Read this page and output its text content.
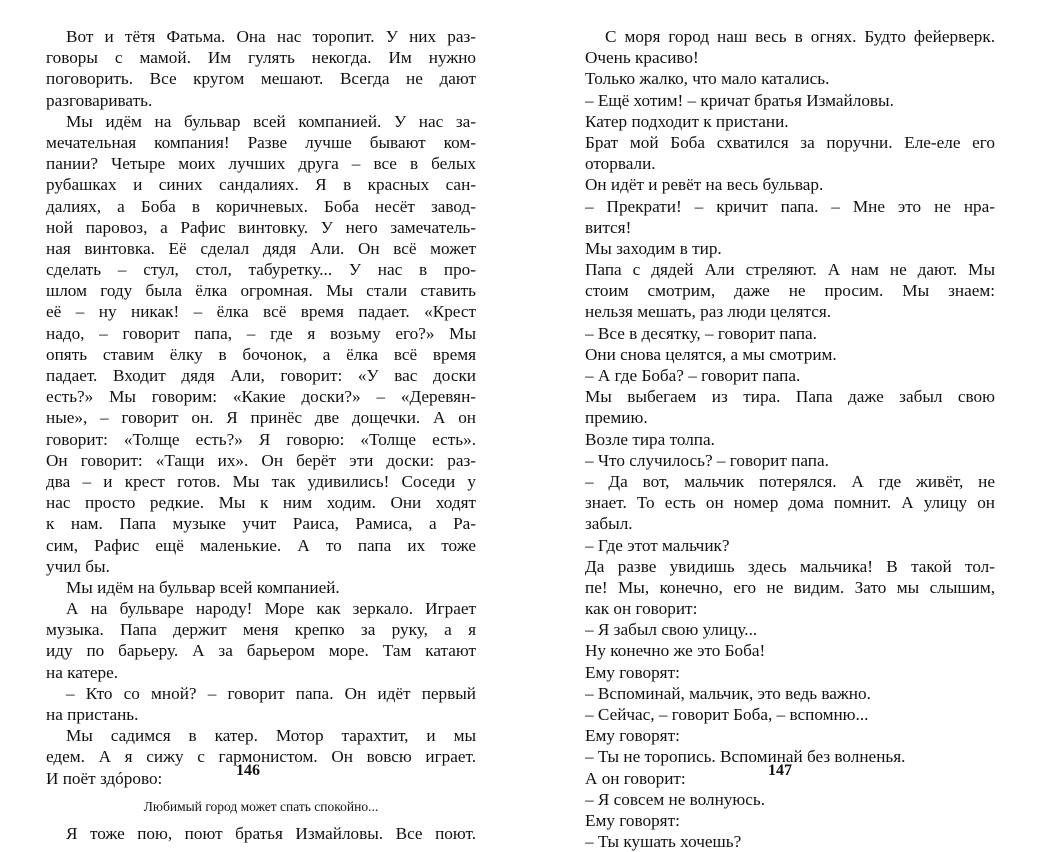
Вот и тётя Фатьма. Она нас торопит. У них раз-
говоры с мамой. Им гулять некогда. Им нужно
поговорить. Все кругом мешают. Всегда не дают
разговаривать.
Мы идём на бульвар всей компанией. У нас за-
мечательная компания! Разве лучше бывают ком-
пании? Четыре моих лучших друга – все в белых
рубашках и синих сандалиях. Я в красных сан-
далиях, а Боба в коричневых. Боба несёт завод-
ной паровоз, а Рафис винтовку. У него замечатель-
ная винтовка. Её сделал дядя Али. Он всё может
сделать – стул, стол, табуретку... У нас в про-
шлом году была ёлка огромная. Мы стали ставить
её – ну никак! – ёлка всё время падает. «Крест
надо, – говорит папа, – где я возьму его?» Мы
опять ставим ёлку в бочонок, а ёлка всё время
падает. Входит дядя Али, говорит: «У вас доски
есть?» Мы говорим: «Какие доски?» – «Деревян-
ные», – говорит он. Я принёс две дощечки. А он
говорит: «Толще есть?» Я говорю: «Толще есть».
Он говорит: «Тащи их». Он берёт эти доски: раз-
два – и крест готов. Мы так удивились! Соседи у
нас просто редкие. Мы к ним ходим. Они ходят
к нам. Папа музыке учит Раиса, Рамиса, а Ра-
сим, Рафис ещё маленькие. А то папа их тоже
учил бы.
Мы идём на бульвар всей компанией.
А на бульваре народу! Море как зеркало. Играет
музыка. Папа держит меня крепко за руку, а я
иду по барьеру. А за барьером море. Там катают
на катере.
– Кто со мной? – говорит папа. Он идёт первый
на пристань.
Мы садимся в катер. Мотор тарахтит, и мы
едем. А я сижу с гармонистом. Он вовсю играет.
И поёт здóрово:
Любимый город может спать спокойно...
Я тоже пою, поют братья Измайловы. Все поют.
С моря город наш весь в огнях. Будто фейерверк.
Очень красиво!
Только жалко, что мало катались.
– Ещё хотим! – кричат братья Измайловы.
Катер подходит к пристани.
Брат мой Боба схватился за поручни. Еле-еле его
оторвали.
Он идёт и ревёт на весь бульвар.
– Прекрати! – кричит папа. – Мне это не нра-
вится!
Мы заходим в тир.
Папа с дядей Али стреляют. А нам не дают. Мы
стоим смотрим, даже не просим. Мы знаем:
нельзя мешать, раз люди целятся.
– Все в десятку, – говорит папа.
Они снова целятся, а мы смотрим.
– А где Боба? – говорит папа.
Мы выбегаем из тира. Папа даже забыл свою
премию.
Возле тира толпа.
– Что случилось? – говорит папа.
– Да вот, мальчик потерялся. А где живёт, не
знает. То есть он номер дома помнит. А улицу он
забыл.
– Где этот мальчик?
Да разве увидишь здесь мальчика! В такой тол-
пе! Мы, конечно, его не видим. Зато мы слышим,
как он говорит:
– Я забыл свою улицу...
Ну конечно же это Боба!
Ему говорят:
– Вспоминай, мальчик, это ведь важно.
– Сейчас, – говорит Боба, – вспомню...
Ему говорят:
– Ты не торопись. Вспоминай без волненья.
А он говорит:
– Я совсем не волнуюсь.
Ему говорят:
– Ты кушать хочешь?
146	147
